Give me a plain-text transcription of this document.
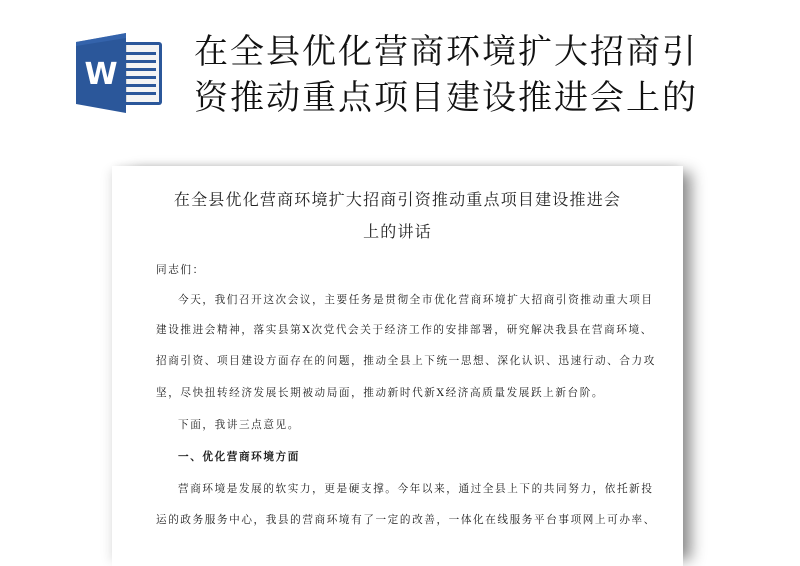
W
在全县优化营商环境扩大招商引
资推动重点项目建设推进会上的
在全县优化营商环境扩大招商引资推动重点项目建设推进会
上的讲话
同志们：
今天，我们召开这次会议，主要任务是贯彻全市优化营商环境扩大招商引资推动重大项目
建设推进会精神，落实县第X次党代会关于经济工作的安排部署，研究解决我县在营商环境、
招商引资、项目建设方面存在的问题，推动全县上下统一思想、深化认识、迅速行动、合力攻
坚，尽快扭转经济发展长期被动局面，推动新时代新X经济高质量发展跃上新台阶。
下面，我讲三点意见。
一、优化营商环境方面
营商环境是发展的软实力，更是硬支撑。今年以来，通过全县上下的共同努力，依托新投
运的政务服务中心，我县的营商环境有了一定的改善，一体化在线服务平台事项网上可办率、
